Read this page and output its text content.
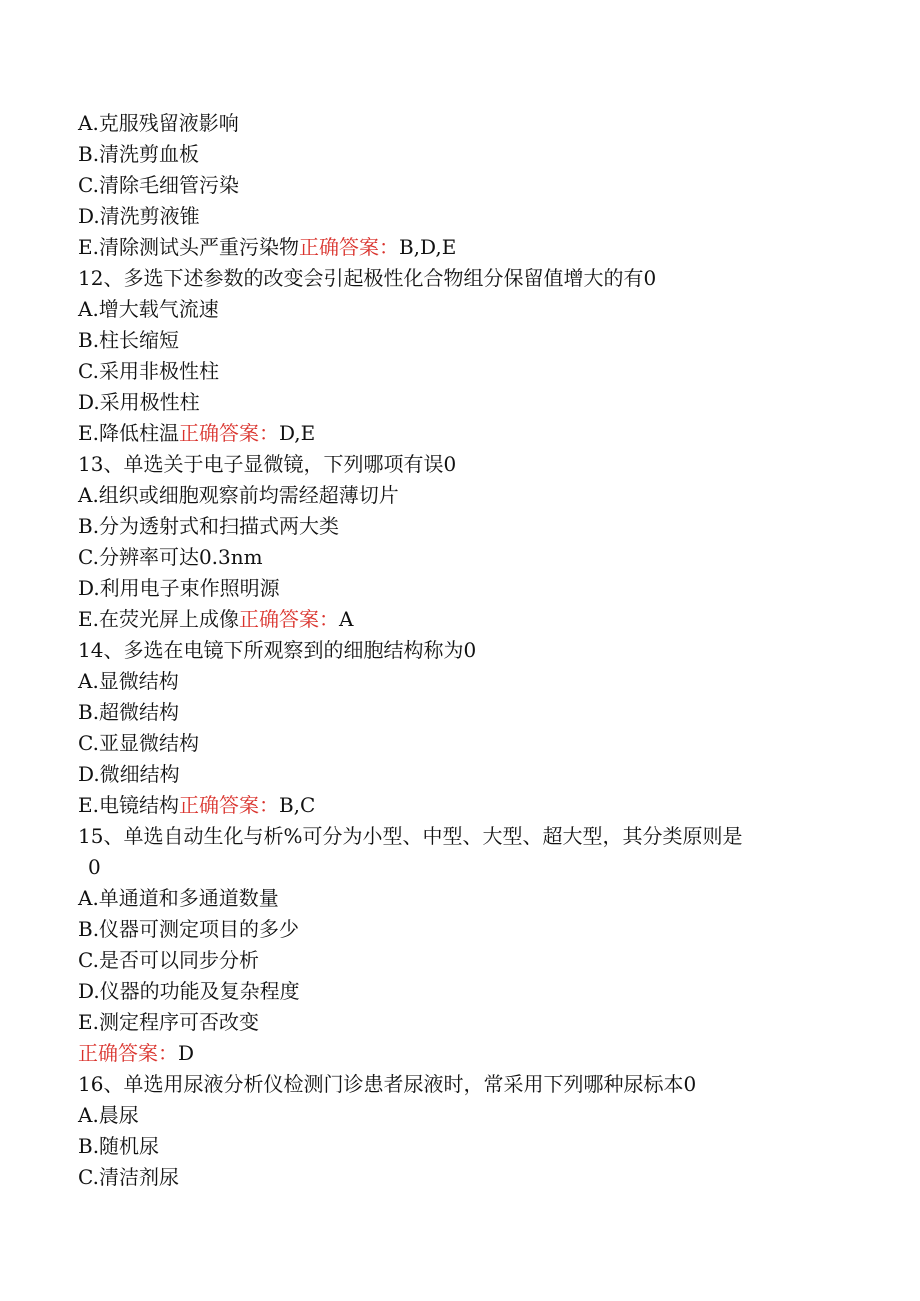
A.克服残留液影响
B.清洗剪血板
C.清除毛细管污染
D.清洗剪液锥
E.清除测试头严重污染物正确答案：B,D,E
12、多选下述参数的改变会引起极性化合物组分保留值增大的有0
A.增大载气流速
B.柱长缩短
C.采用非极性柱
D.采用极性柱
E.降低柱温正确答案：D,E
13、单选关于电子显微镜，下列哪项有误0
A.组织或细胞观察前均需经超薄切片
B.分为透射式和扫描式两大类
C.分辨率可达0.3nm
D.利用电子束作照明源
E.在荧光屏上成像正确答案：A
14、多选在电镜下所观察到的细胞结构称为0
A.显微结构
B.超微结构
C.亚显微结构
D.微细结构
E.电镜结构正确答案：B,C
15、单选自动生化与析%可分为小型、中型、大型、超大型，其分类原则是
0
A.单通道和多通道数量
B.仪器可测定项目的多少
C.是否可以同步分析
D.仪器的功能及复杂程度
E.测定程序可否改变
正确答案：D
16、单选用尿液分析仪检测门诊患者尿液时，常采用下列哪种尿标本0
A.晨尿
B.随机尿
C.清洁剂尿
